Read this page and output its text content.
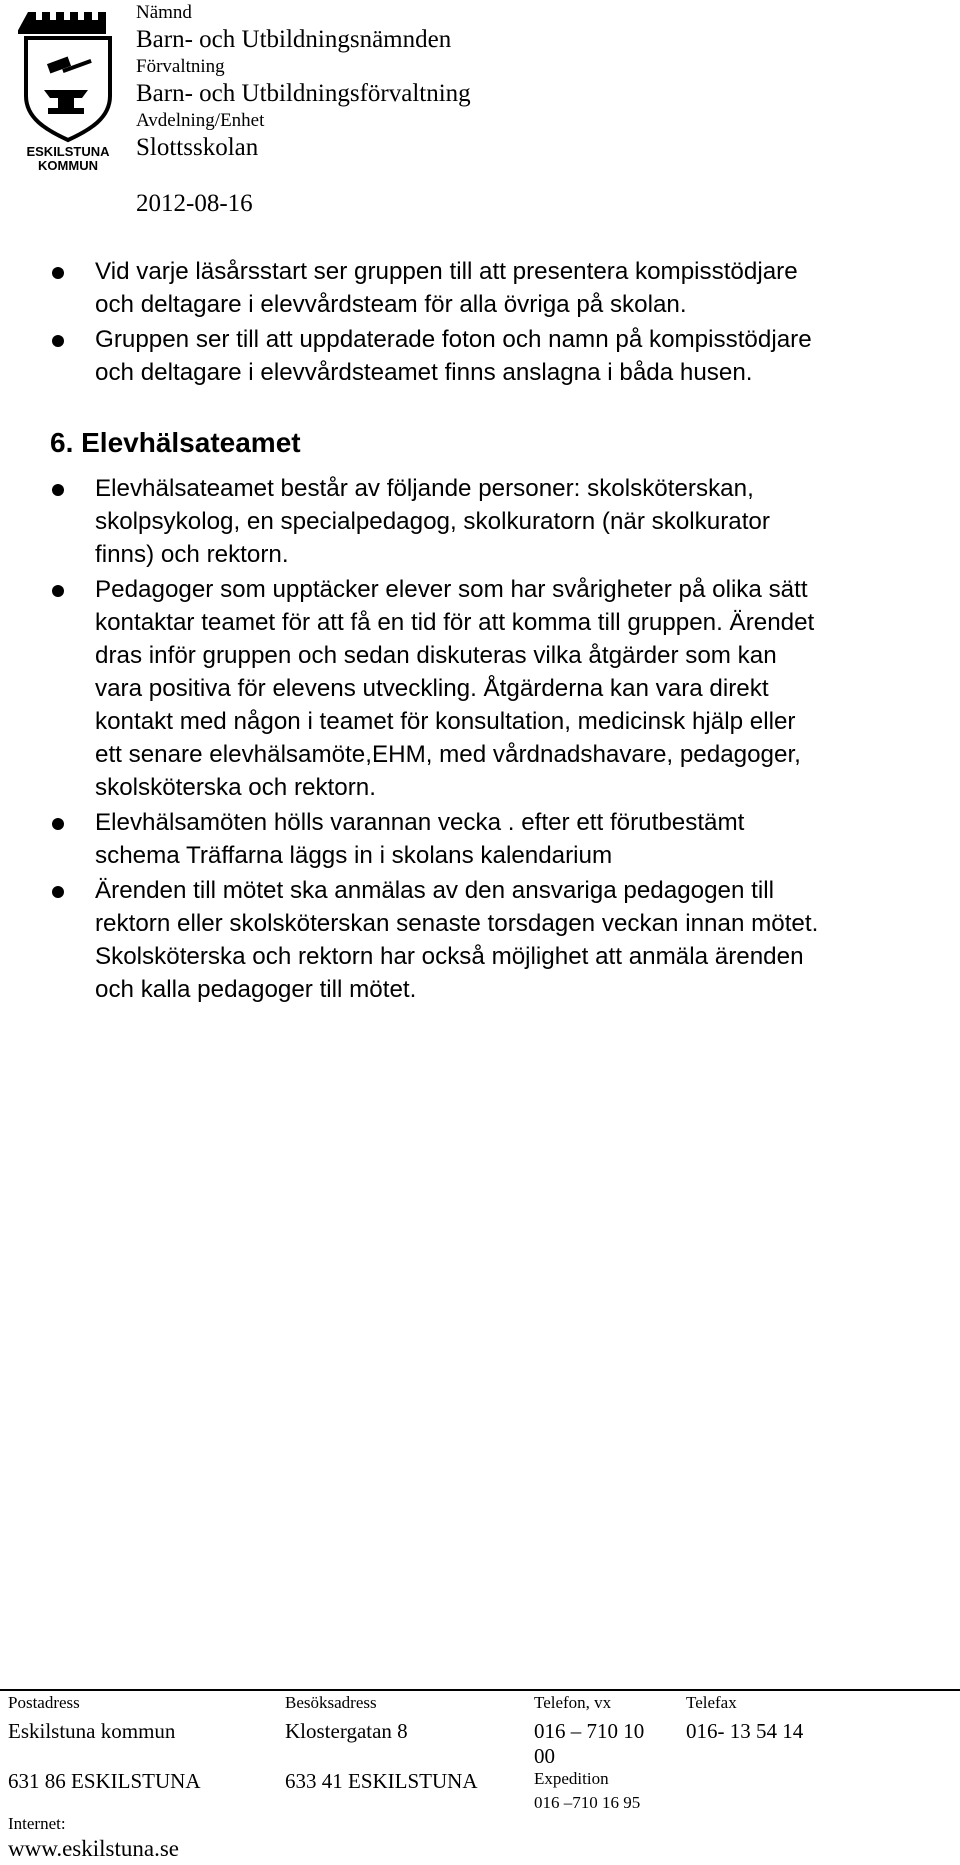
ESKILSTUNA
KOMMUN
Nämnd
Barn- och Utbildningsnämnden
Förvaltning
Barn- och Utbildningsförvaltning
Avdelning/Enhet
Slottsskolan
2012-08-16
Vid varje läsårsstart ser gruppen till att presentera kompisstödjare
och deltagare i elevvårdsteam för alla övriga på skolan.
Gruppen ser till att uppdaterade foton och namn på kompisstödjare
och deltagare i elevvårdsteamet finns anslagna i båda husen.
6. Elevhälsateamet
Elevhälsateamet består av följande personer: skolsköterskan,
skolpsykolog, en specialpedagog, skolkuratorn (när skolkurator
finns) och rektorn.
Pedagoger som upptäcker elever som har svårigheter på olika sätt
kontaktar teamet för att få en tid för att komma till gruppen. Ärendet
dras inför gruppen och sedan diskuteras vilka åtgärder som kan
vara positiva för elevens utveckling. Åtgärderna kan vara direkt
kontakt med någon i teamet för konsultation, medicinsk hjälp eller
ett senare elevhälsamöte,EHM, med vårdnadshavare, pedagoger,
skolsköterska och rektorn.
Elevhälsamöten hölls varannan vecka . efter ett förutbestämt
schema Träffarna läggs in i skolans kalendarium
Ärenden till mötet ska anmälas av den ansvariga pedagogen till
rektorn eller skolsköterskan senaste torsdagen veckan innan mötet.
Skolsköterska och rektorn har också möjlighet att anmäla ärenden
och kalla pedagoger till mötet.
Postadress
Eskilstuna kommun
631 86 ESKILSTUNA
Besöksadress
Klostergatan 8
633 41 ESKILSTUNA
Telefon, vx
016 – 710 10
00
Expedition
016 –710 16 95
Telefax
016- 13 54 14
Internet:
www.eskilstuna.se
